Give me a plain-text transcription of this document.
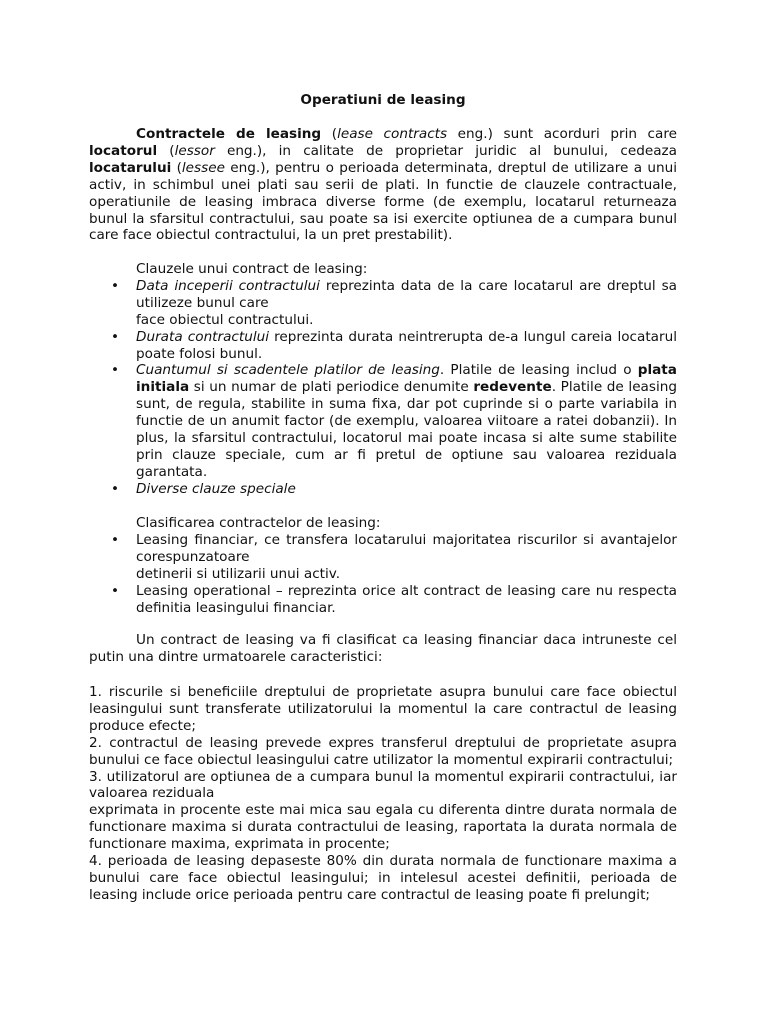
Operatiuni de leasing

Contractele de leasing (lease contracts eng.) sunt acorduri prin care locatorul (lessor eng.), in calitate de proprietar juridic al bunului, cedeaza locatarului (lessee eng.), pentru o perioada determinata, dreptul de utilizare a unui activ, in schimbul unei plati sau serii de plati. In functie de clauzele contractuale, operatiunile de leasing imbraca diverse forme (de exemplu, locatarul returneaza bunul la sfarsitul contractului, sau poate sa isi exercite optiunea de a cumpara bunul care face obiectul contractului, la un pret prestabilit).

Clauzele unui contract de leasing:
• Data inceperii contractului reprezinta data de la care locatarul are dreptul sa utilizeze bunul care
face obiectul contractului.
• Durata contractului reprezinta durata neintrerupta de-a lungul careia locatarul poate folosi bunul.
• Cuantumul si scadentele platilor de leasing. Platile de leasing includ o plata initiala si un numar de plati periodice denumite redevente. Platile de leasing sunt, de regula, stabilite in suma fixa, dar pot cuprinde si o parte variabila in functie de un anumit factor (de exemplu, valoarea viitoare a ratei dobanzii). In plus, la sfarsitul contractului, locatorul mai poate incasa si alte sume stabilite prin clauze speciale, cum ar fi pretul de optiune sau valoarea reziduala garantata.
• Diverse clauze speciale
Clasificarea contractelor de leasing:
• Leasing financiar, ce transfera locatarului majoritatea riscurilor si avantajelor corespunzatoare
detinerii si utilizarii unui activ.
• Leasing operational – reprezinta orice alt contract de leasing care nu respecta definitia leasingului financiar.

Un contract de leasing va fi clasificat ca leasing financiar daca intruneste cel putin una dintre urmatoarele caracteristici:

1. riscurile si beneficiile dreptului de proprietate asupra bunului care face obiectul leasingului sunt transferate utilizatorului la momentul la care contractul de leasing produce efecte;

2. contractul de leasing prevede expres transferul dreptului de proprietate asupra bunului ce face obiectul leasingului catre utilizator la momentul expirarii contractului;

3. utilizatorul are optiunea de a cumpara bunul la momentul expirarii contractului, iar valoarea reziduala

exprimata in procente este mai mica sau egala cu diferenta dintre durata normala de functionare maxima si durata contractului de leasing, raportata la durata normala de functionare maxima, exprimata in procente;

4. perioada de leasing depaseste 80% din durata normala de functionare maxima a bunului care face obiectul leasingului; in intelesul acestei definitii, perioada de leasing include orice perioada pentru care contractul de leasing poate fi prelungit;
